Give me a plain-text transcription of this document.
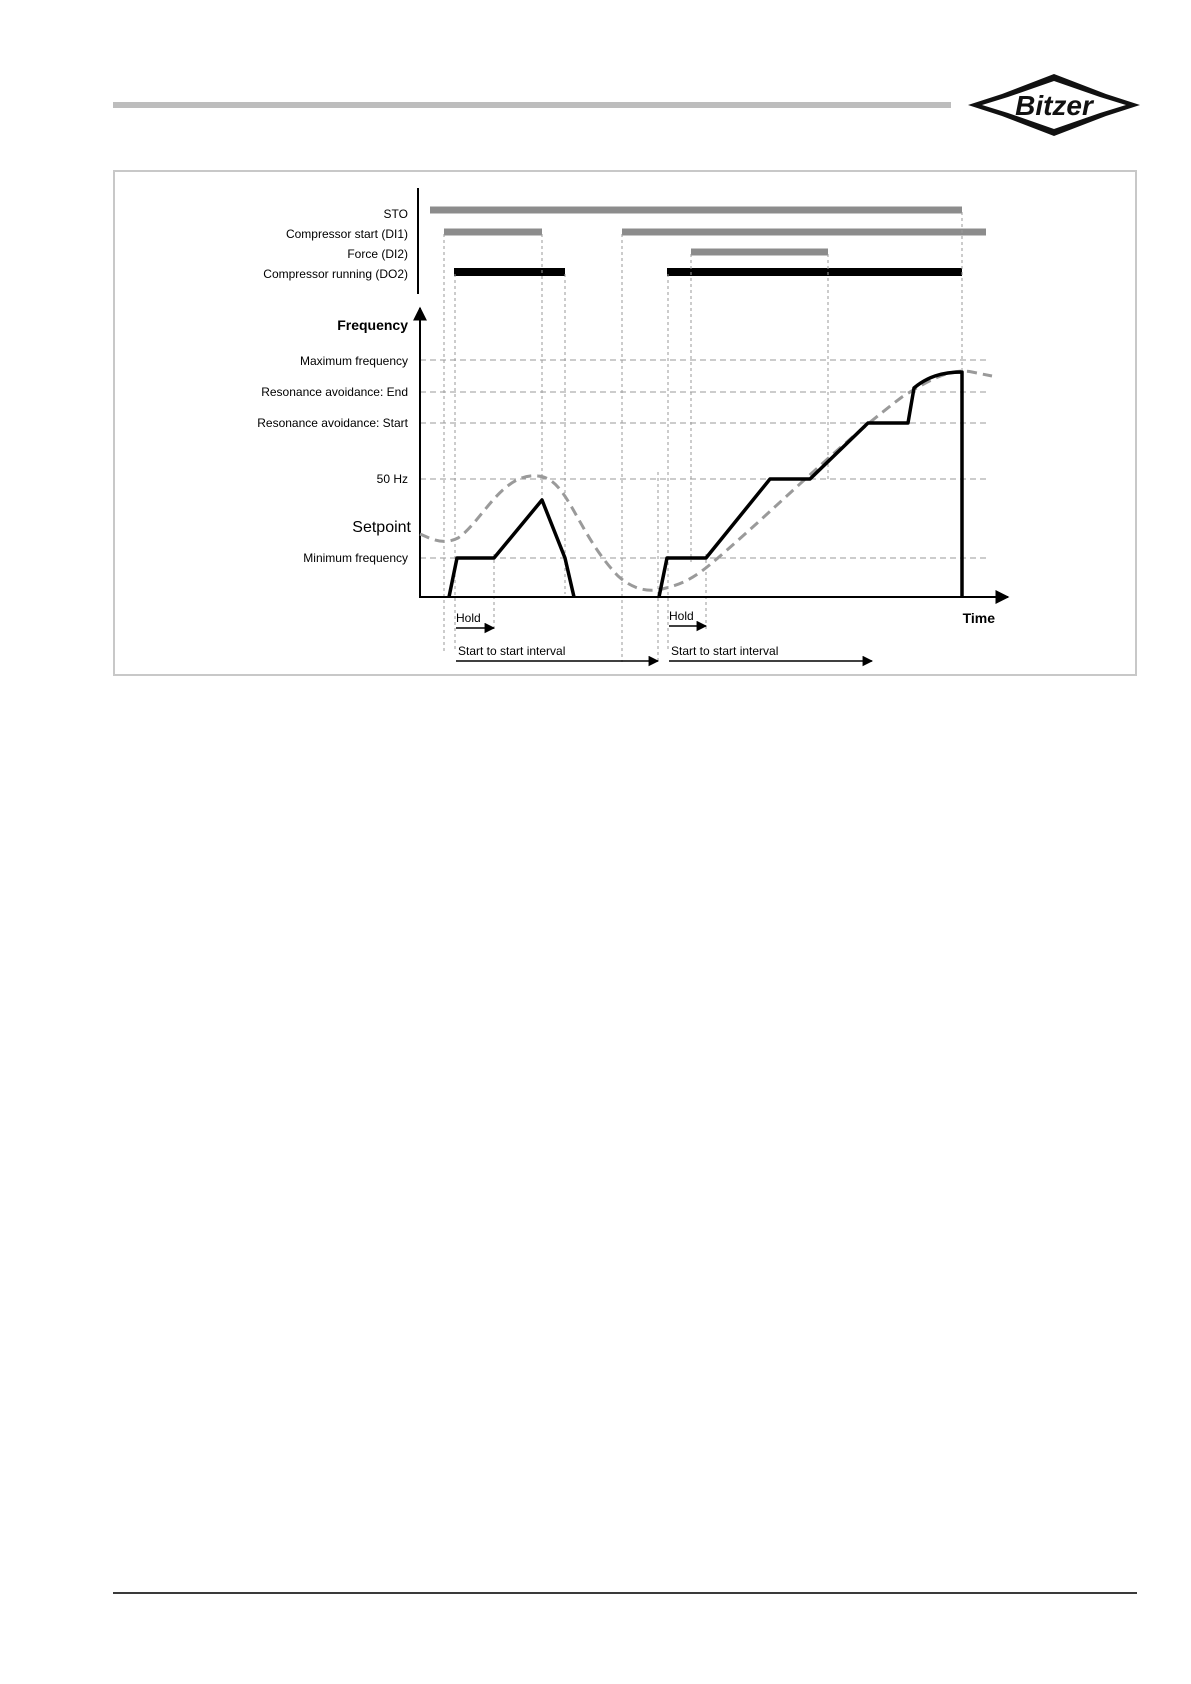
Bitzer
STO
Compressor start (DI1)
Force (DI2)
Compressor running (DO2)
Frequency
Maximum frequency
Resonance avoidance: End
Resonance avoidance: Start
50 Hz
Setpoint
Minimum frequency
Time
Hold	Hold
Start to start interval	Start to start interval
